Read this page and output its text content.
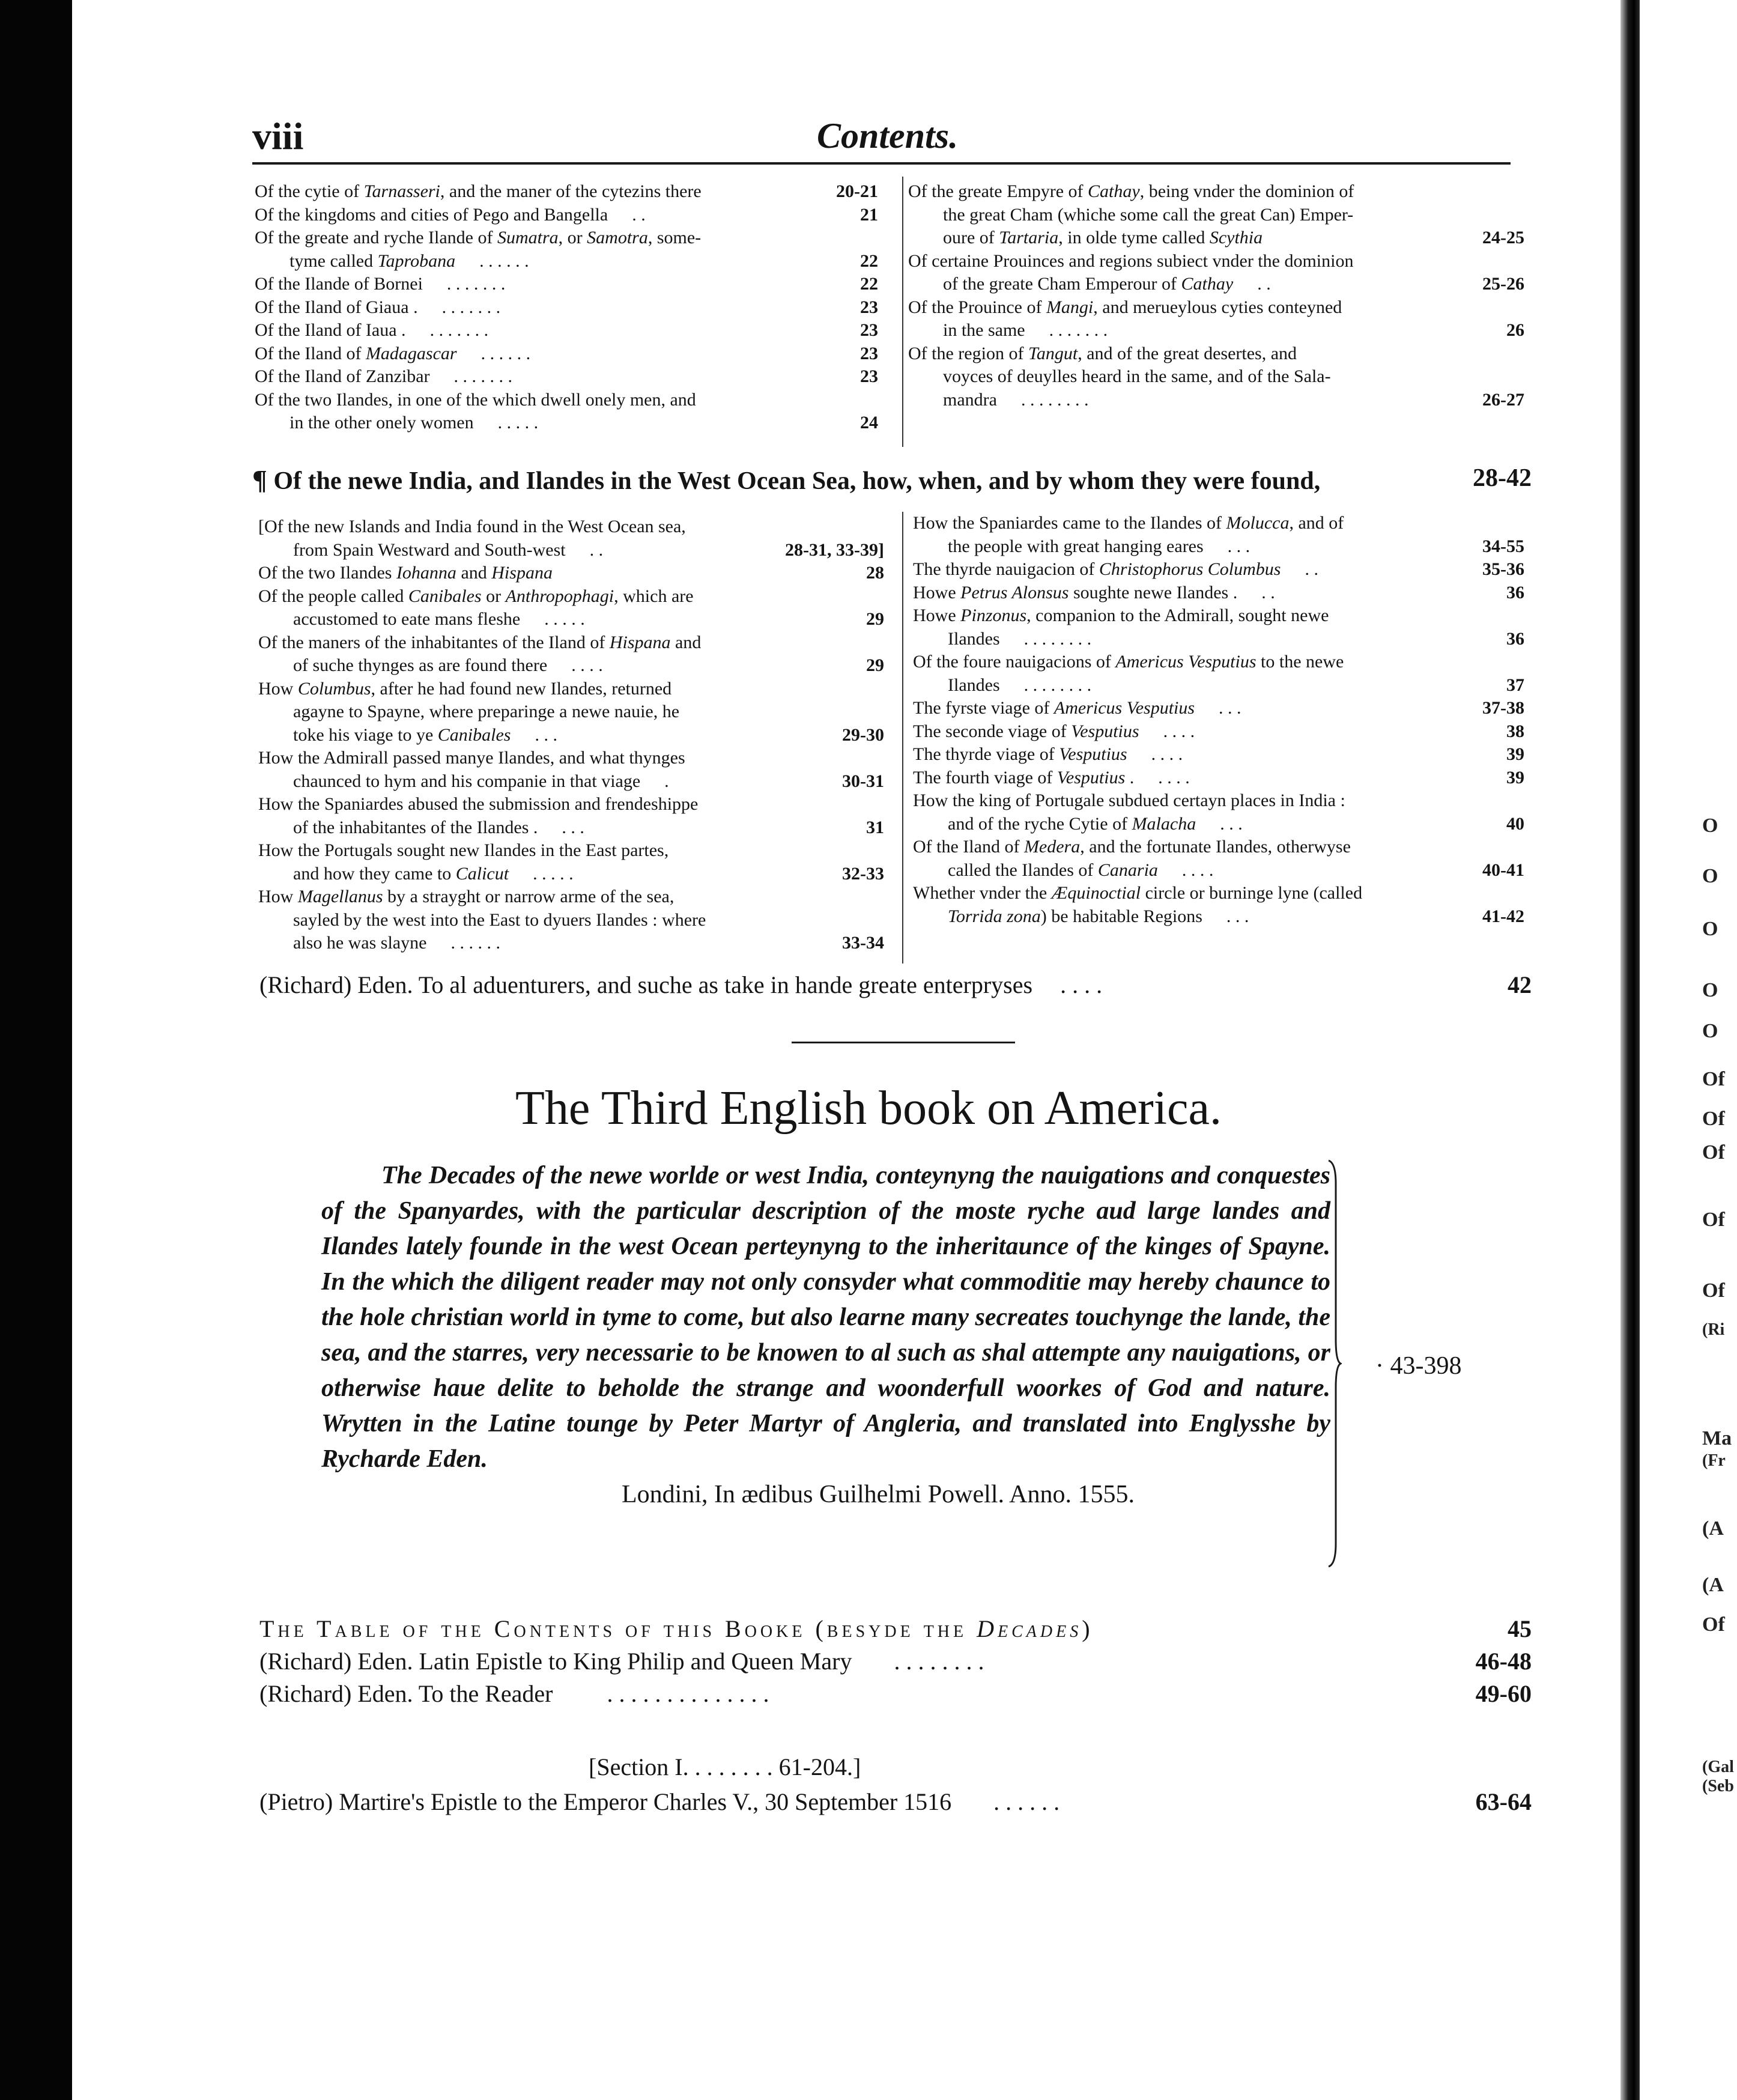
O
O
O
O
O
Of
Of
Of
Of
Of
(Ri
Ma
(Fr
(A
(A
Of
(Gal
(Seb
viii	Contents.
Of the cytie of Tarnasseri, and the maner of the cytezins there	20-21
Of the kingdoms and cities of Pego and Bangella . .	21
Of the greate and ryche Ilande of Sumatra, or Samotra, some-
tyme called Taprobana . . . . . .	22
Of the Ilande of Bornei . . . . . . .	22
Of the Iland of Giaua . . . . . . . .	23
Of the Iland of Iaua . . . . . . . .	23
Of the Iland of Madagascar . . . . . .	23
Of the Iland of Zanzibar . . . . . . .	23
Of the two Ilandes, in one of the which dwell onely men, and
in the other onely women . . . . .	24
Of the greate Empyre of Cathay, being vnder the dominion of
the great Cham (whiche some call the great Can) Emper-
oure of Tartaria, in olde tyme called Scythia	24-25
Of certaine Prouinces and regions subiect vnder the dominion
of the greate Cham Emperour of Cathay . .	25-26
Of the Prouince of Mangi, and merueylous cyties conteyned
in the same . . . . . . .	26
Of the region of Tangut, and of the great desertes, and
voyces of deuylles heard in the same, and of the Sala-
mandra . . . . . . . .	26-27
¶ Of the newe India, and Ilandes in the West Ocean Sea, how, when, and by whom they were found,	28-42
[Of the new Islands and India found in the West Ocean sea,
from Spain Westward and South-west . .	28-31, 33-39]
Of the two Ilandes Iohanna and Hispana	28
Of the people called Canibales or Anthropophagi, which are
accustomed to eate mans fleshe . . . . .	29
Of the maners of the inhabitantes of the Iland of Hispana and
of suche thynges as are found there . . . .	29
How Columbus, after he had found new Ilandes, returned
agayne to Spayne, where preparinge a newe nauie, he
toke his viage to ye Canibales . . .	29-30
How the Admirall passed manye Ilandes, and what thynges
chaunced to hym and his companie in that viage .	30-31
How the Spaniardes abused the submission and frendeshippe
of the inhabitantes of the Ilandes . . . .	31
How the Portugals sought new Ilandes in the East partes,
and how they came to Calicut . . . . .	32-33
How Magellanus by a strayght or narrow arme of the sea,
sayled by the west into the East to dyuers Ilandes : where
also he was slayne . . . . . .	33-34
How the Spaniardes came to the Ilandes of Molucca, and of
the people with great hanging eares . . .	34-55
The thyrde nauigacion of Christophorus Columbus . .	35-36
Howe Petrus Alonsus soughte newe Ilandes . . .	36
Howe Pinzonus, companion to the Admirall, sought newe
Ilandes . . . . . . . .	36
Of the foure nauigacions of Americus Vesputius to the newe
Ilandes . . . . . . . .	37
The fyrste viage of Americus Vesputius . . .	37-38
The seconde viage of Vesputius . . . .	38
The thyrde viage of Vesputius . . . .	39
The fourth viage of Vesputius . . . . .	39
How the king of Portugale subdued certayn places in India :
and of the ryche Cytie of Malacha . . .	40
Of the Iland of Medera, and the fortunate Ilandes, otherwyse
called the Ilandes of Canaria . . . .	40-41
Whether vnder the Æquinoctial circle or burninge lyne (called
Torrida zona) be habitable Regions . . .	41-42
(Richard) Eden. To al aduenturers, and suche as take in hande greate enterpryses . . . .	42
The Third English book on America.

The Decades of the newe worlde or west India, conteynyng the nauigations and conquestes of the Spanyardes, with the particular description of the moste ryche aud large landes and Ilandes lately founde in the west Ocean perteynyng to the inheritaunce of the kinges of Spayne. In the which the diligent reader may not only consyder what commoditie may hereby chaunce to the hole christian world in tyme to come, but also learne many secreates touchynge the lande, the sea, and the starres, very necessarie to be knowen to al such as shal attempte any nauigations, or otherwise haue delite to beholde the strange and woonderfull woorkes of God and nature. Wrytten in the Latine tounge by Peter Martyr of Angleria, and translated into Englysshe by Rycharde Eden.

Londini, In ædibus Guilhelmi Powell. Anno. 1555.

· 43-398
The Table of the Contents of this Booke (besyde the Decades)	45
(Richard) Eden. Latin Epistle to King Philip and Queen Mary . . . . . . . .	46-48
(Richard) Eden. To the Reader . . . . . . . . . . . . . .	49-60
[Section I. . . . . . . . 61-204.]
(Pietro) Martire's Epistle to the Emperor Charles V., 30 September 1516 . . . . . .	63-64
